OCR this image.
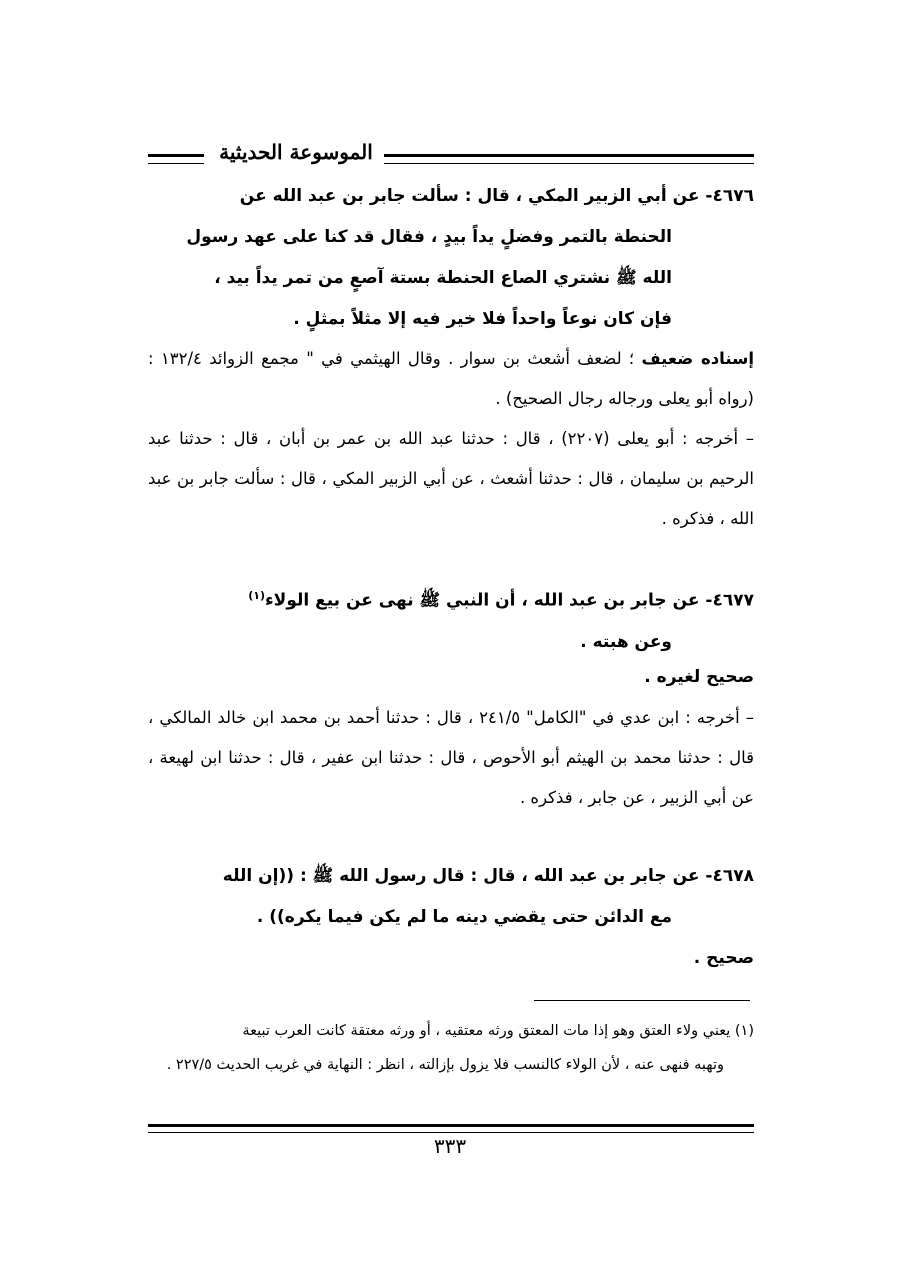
الموسوعة الحديثية
٤٦٧٦- عن أبي الزبير المكي ، قال : سألت جابر بن عبد الله عن
الحنطة بالتمر وفضلٍ يداً بيدٍ ، فقال قد كنا على عهد رسول
الله ﷺ نشتري الصاع الحنطة بستة آصعٍ من تمر يداً بيد ،
فإن كان نوعاً واحداً فلا خير فيه إلا مثلاً بمثلٍ .
إسناده ضعيف ؛ لضعف أشعث بن سوار . وقال الهيثمي في " مجمع الزوائد ١٣٢/٤ : (رواه أبو يعلى ورجاله رجال الصحيح) .
– أخرجه : أبو يعلى (٢٢٠٧) ، قال : حدثنا عبد الله بن عمر بن أبان ، قال : حدثنا عبد الرحيم بن سليمان ، قال : حدثنا أشعث ، عن أبي الزبير المكي ، قال : سألت جابر بن عبد الله ، فذكره .
٤٦٧٧- عن جابر بن عبد الله ، أن النبي ﷺ نهى عن بيع الولاء$^{(١)}$
وعن هبته .
صحيح لغيره .
– أخرجه : ابن عدي في "الكامل" ٢٤١/٥ ، قال : حدثنا أحمد بن محمد ابن خالد المالكي ، قال : حدثنا محمد بن الهيثم أبو الأحوص ، قال : حدثنا ابن عفير ، قال : حدثنا ابن لهيعة ، عن أبي الزبير ، عن جابر ، فذكره .
٤٦٧٨- عن جابر بن عبد الله ، قال : قال رسول الله ﷺ : ((إن الله
مع الدائن حتى يقضي دينه ما لم يكن فيما يكره)) .
صحيح .
(١) يعني ولاء العتق وهو إذا مات المعتق ورثه معتقيه ، أو ورثه معتقة كانت العرب تبيعة
وتهبه فنهى عنه ، لأن الولاء كالنسب فلا يزول بإزالته ، انظر : النهاية في غريب الحديث ٢٢٧/٥ .
٣٣٣
